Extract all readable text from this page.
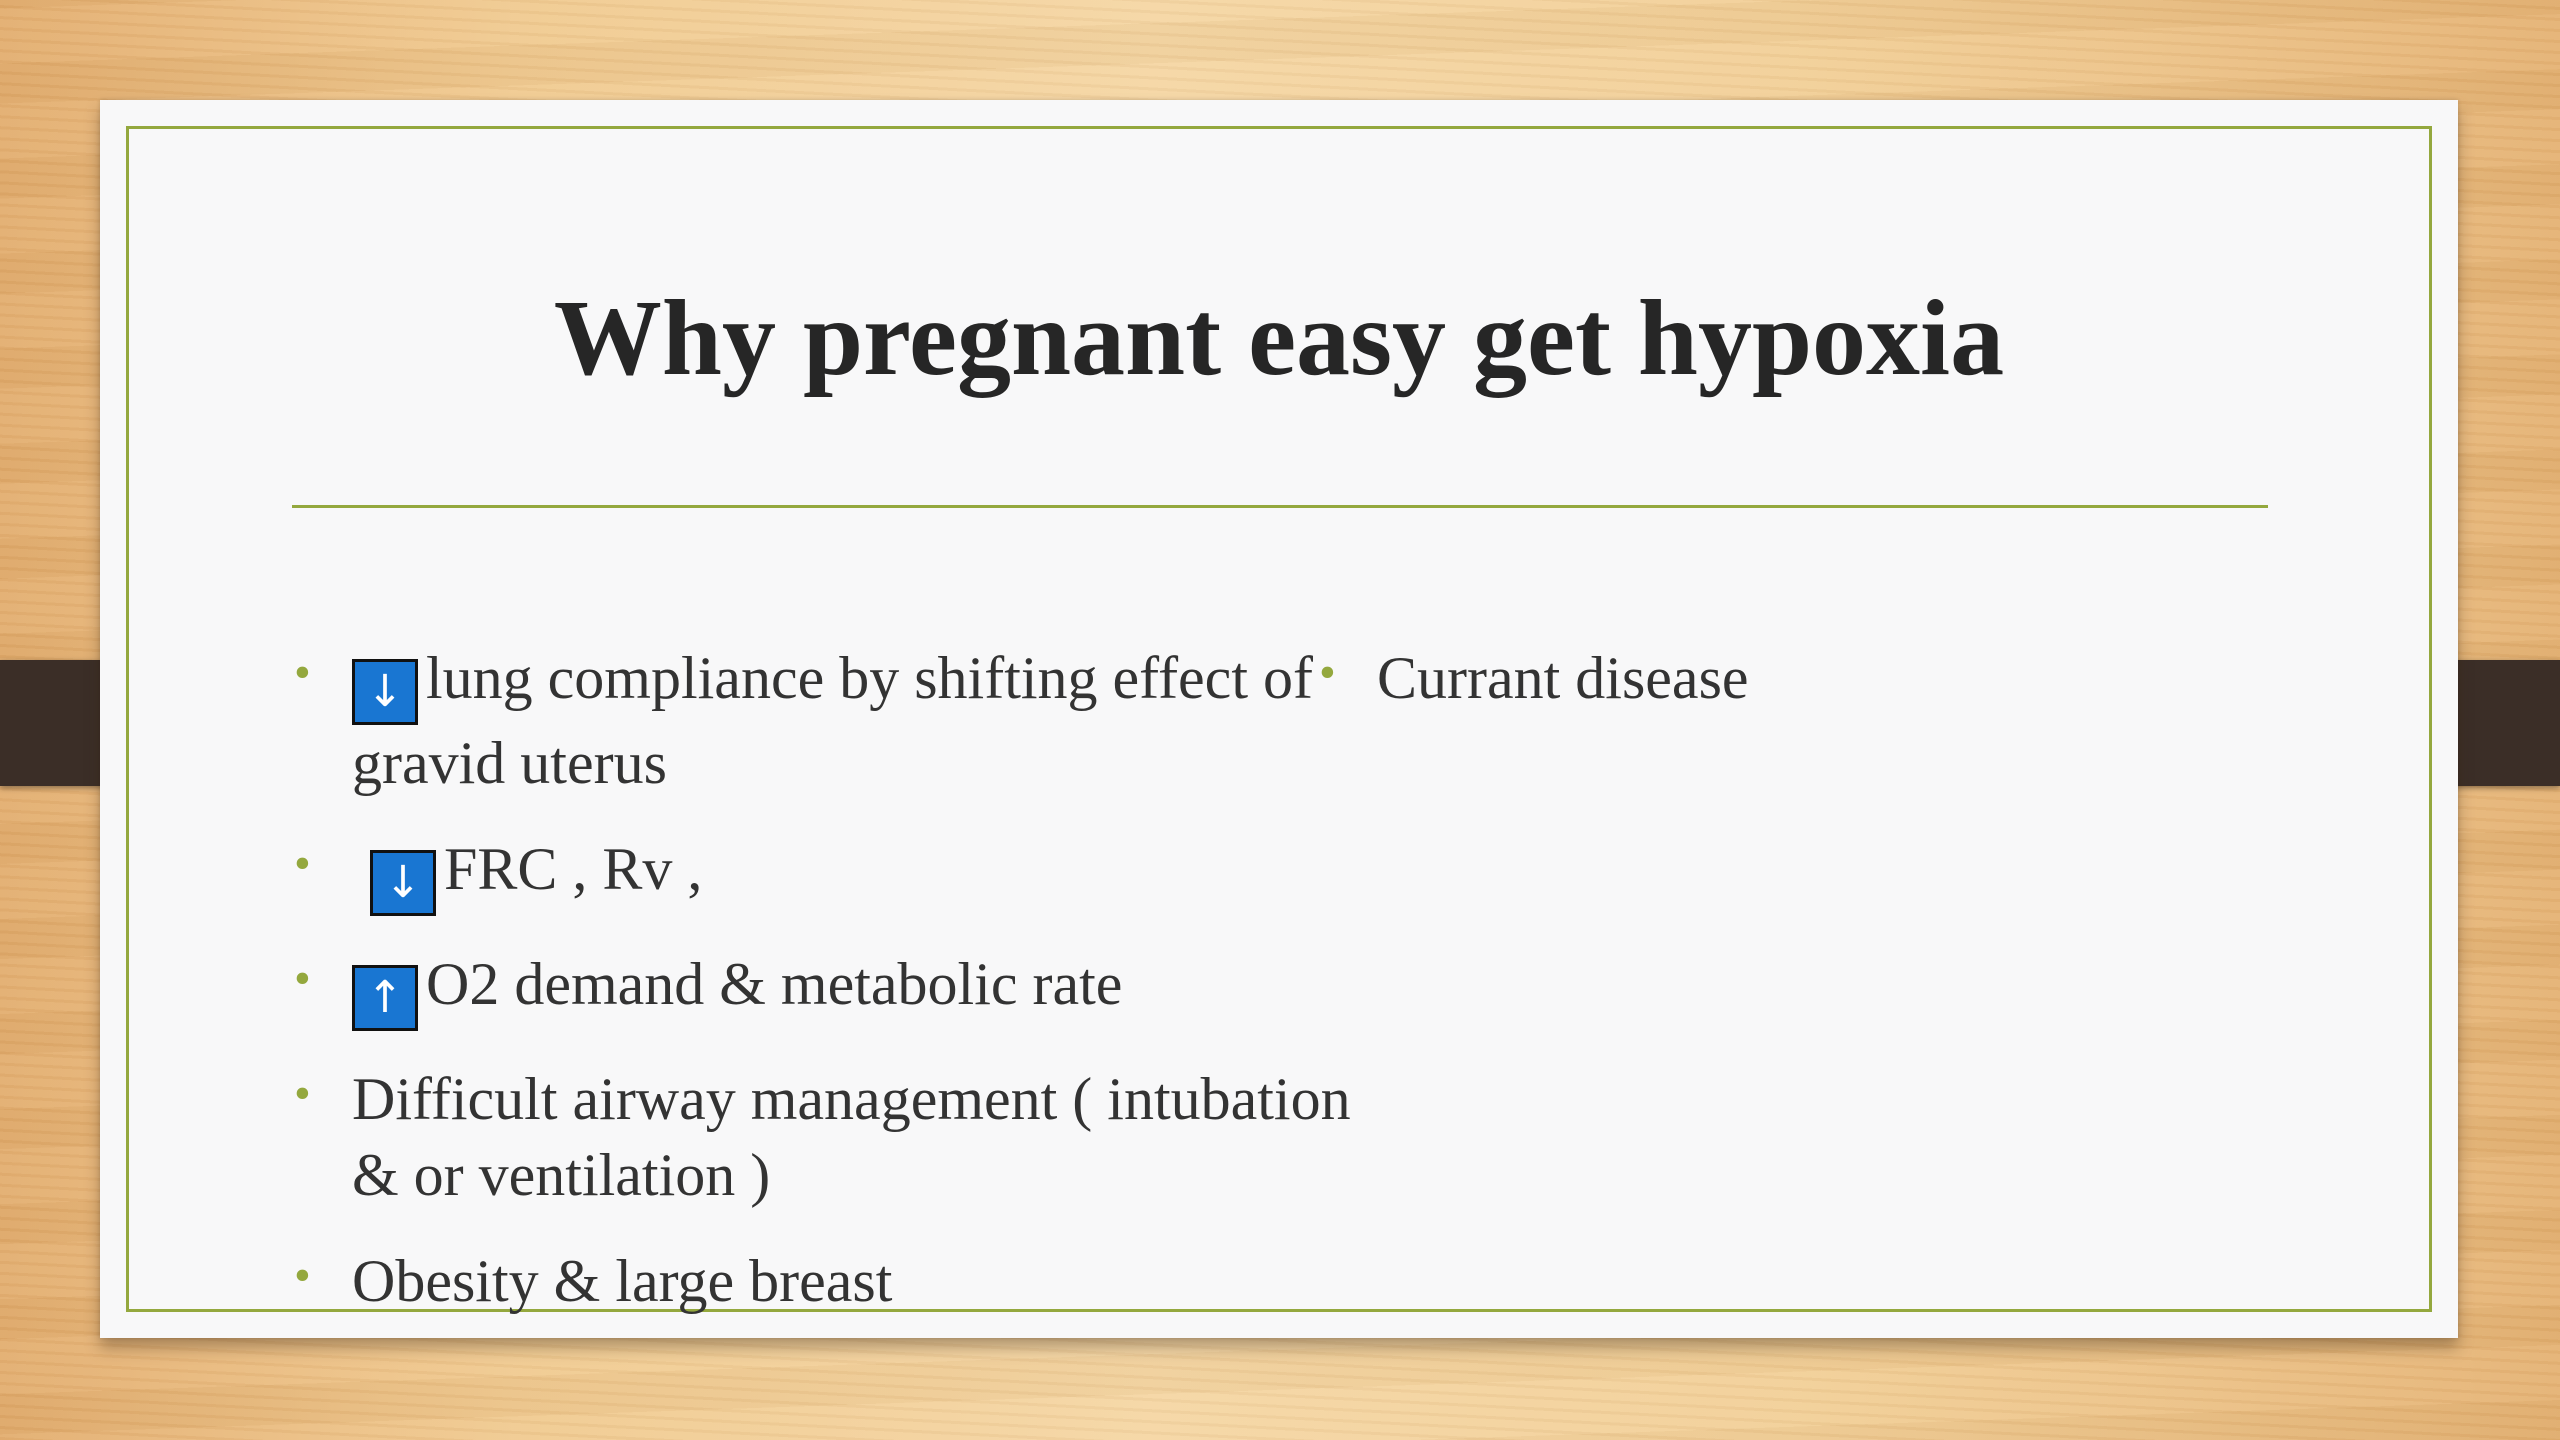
Why pregnant easy get hypoxia
• ↓ lung compliance by shifting effect of gravid uterus
• ↓ FRC , Rv ,
• ↑ O2 demand & metabolic rate
• Difficult airway management ( intubation & or ventilation )
• Obesity & large breast
• Currant disease
